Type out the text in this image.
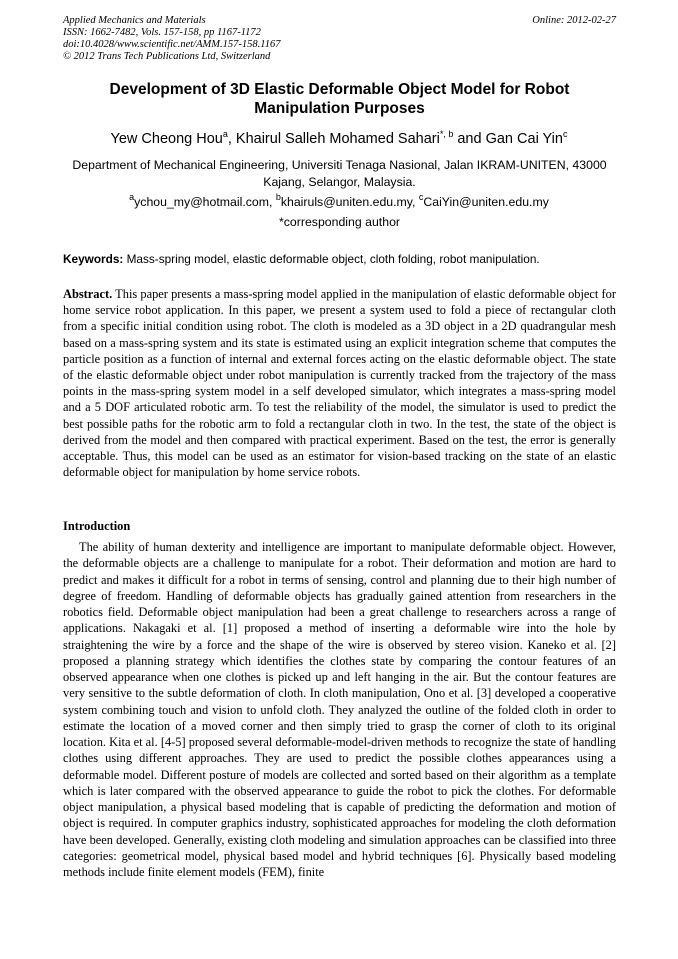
Applied Mechanics and Materials
ISSN: 1662-7482, Vols. 157-158, pp 1167-1172
doi:10.4028/www.scientific.net/AMM.157-158.1167
© 2012 Trans Tech Publications Ltd, Switzerland
Online: 2012-02-27
Development of 3D Elastic Deformable Object Model for Robot Manipulation Purposes
Yew Cheong Hou$^a$, Khairul Salleh Mohamed Sahari$^{*, b}$ and Gan Cai Yin$^c$
Department of Mechanical Engineering, Universiti Tenaga Nasional, Jalan IKRAM-UNITEN, 43000 Kajang, Selangor, Malaysia.
$^a$ychou_my@hotmail.com, $^b$khairuls@uniten.edu.my, $^c$CaiYin@uniten.edu.my
*corresponding author
Keywords: Mass-spring model, elastic deformable object, cloth folding, robot manipulation.
Abstract. This paper presents a mass-spring model applied in the manipulation of elastic deformable object for home service robot application. In this paper, we present a system used to fold a piece of rectangular cloth from a specific initial condition using robot. The cloth is modeled as a 3D object in a 2D quadrangular mesh based on a mass-spring system and its state is estimated using an explicit integration scheme that computes the particle position as a function of internal and external forces acting on the elastic deformable object. The state of the elastic deformable object under robot manipulation is currently tracked from the trajectory of the mass points in the mass-spring system model in a self developed simulator, which integrates a mass-spring model and a 5 DOF articulated robotic arm. To test the reliability of the model, the simulator is used to predict the best possible paths for the robotic arm to fold a rectangular cloth in two. In the test, the state of the object is derived from the model and then compared with practical experiment. Based on the test, the error is generally acceptable. Thus, this model can be used as an estimator for vision-based tracking on the state of an elastic deformable object for manipulation by home service robots.
Introduction
The ability of human dexterity and intelligence are important to manipulate deformable object. However, the deformable objects are a challenge to manipulate for a robot. Their deformation and motion are hard to predict and makes it difficult for a robot in terms of sensing, control and planning due to their high number of degree of freedom. Handling of deformable objects has gradually gained attention from researchers in the robotics field. Deformable object manipulation had been a great challenge to researchers across a range of applications. Nakagaki et al. [1] proposed a method of inserting a deformable wire into the hole by straightening the wire by a force and the shape of the wire is observed by stereo vision. Kaneko et al. [2] proposed a planning strategy which identifies the clothes state by comparing the contour features of an observed appearance when one clothes is picked up and left hanging in the air. But the contour features are very sensitive to the subtle deformation of cloth. In cloth manipulation, Ono et al. [3] developed a cooperative system combining touch and vision to unfold cloth. They analyzed the outline of the folded cloth in order to estimate the location of a moved corner and then simply tried to grasp the corner of cloth to its original location. Kita et al. [4-5] proposed several deformable-model-driven methods to recognize the state of handling clothes using different approaches. They are used to predict the possible clothes appearances using a deformable model. Different posture of models are collected and sorted based on their algorithm as a template which is later compared with the observed appearance to guide the robot to pick the clothes. For deformable object manipulation, a physical based modeling that is capable of predicting the deformation and motion of object is required. In computer graphics industry, sophisticated approaches for modeling the cloth deformation have been developed. Generally, existing cloth modeling and simulation approaches can be classified into three categories: geometrical model, physical based model and hybrid techniques [6]. Physically based modeling methods include finite element models (FEM), finite
